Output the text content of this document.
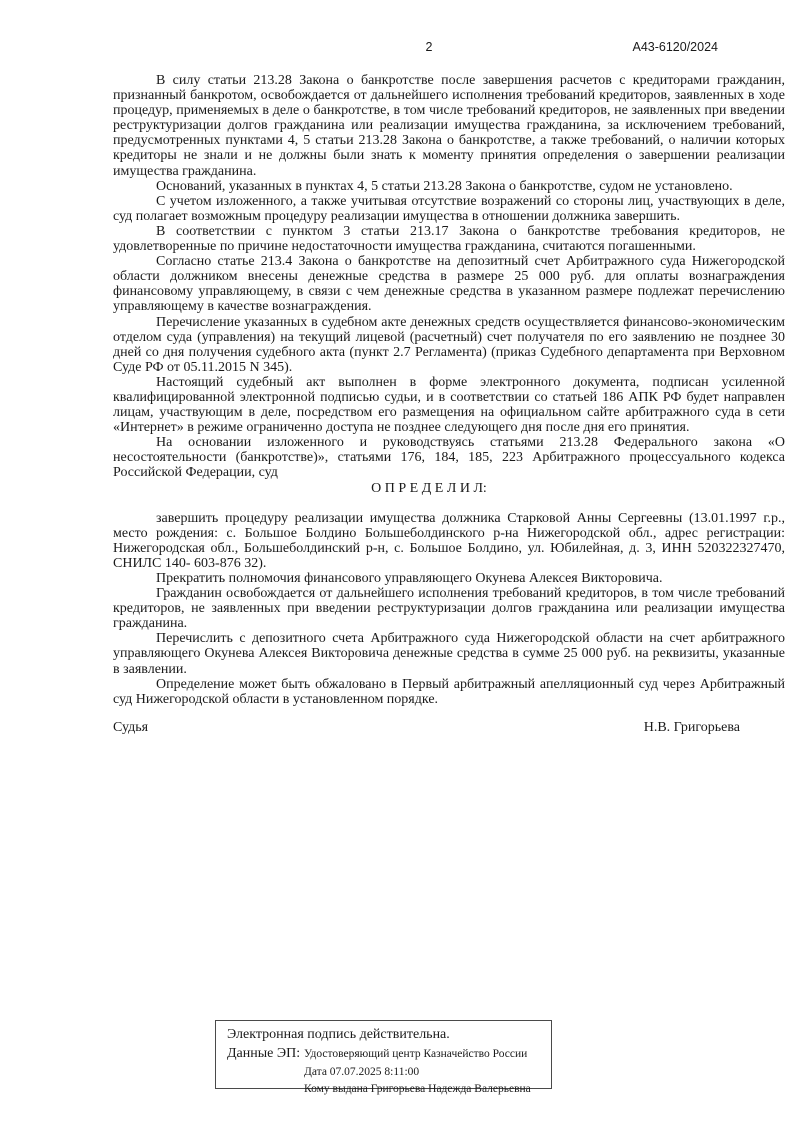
2	А43-6120/2024

В силу статьи 213.28 Закона о банкротстве после завершения расчетов с кредиторами гражданин, признанный банкротом, освобождается от дальнейшего исполнения требований кредиторов, заявленных в ходе процедур, применяемых в деле о банкротстве, в том числе требований кредиторов, не заявленных при введении реструктуризации долгов гражданина или реализации имущества гражданина, за исключением требований, предусмотренных пунктами 4, 5 статьи 213.28 Закона о банкротстве, а также требований, о наличии которых кредиторы не знали и не должны были знать к моменту принятия определения о завершении реализации имущества гражданина.

Оснований, указанных в пунктах 4, 5 статьи 213.28 Закона о банкротстве, судом не установлено.

С учетом изложенного, а также учитывая отсутствие возражений со стороны лиц, участвующих в деле, суд полагает возможным процедуру реализации имущества в отношении должника завершить.

В соответствии с пунктом 3 статьи 213.17 Закона о банкротстве требования кредиторов, не удовлетворенные по причине недостаточности имущества гражданина, считаются погашенными.

Согласно статье 213.4 Закона о банкротстве на депозитный счет Арбитражного суда Нижегородской области должником внесены денежные средства в размере 25 000 руб. для оплаты вознаграждения финансовому управляющему, в связи с чем денежные средства в указанном размере подлежат перечислению управляющему в качестве вознаграждения.

Перечисление указанных в судебном акте денежных средств осуществляется финансово-экономическим отделом суда (управления) на текущий лицевой (расчетный) счет получателя по его заявлению не позднее 30 дней со дня получения судебного акта (пункт 2.7 Регламента) (приказ Судебного департамента при Верховном Суде РФ от 05.11.2015 N 345).

Настоящий судебный акт выполнен в форме электронного документа, подписан усиленной квалифицированной электронной подписью судьи, и в соответствии со статьей 186 АПК РФ будет направлен лицам, участвующим в деле, посредством его размещения на официальном сайте арбитражного суда в сети «Интернет» в режиме ограниченно доступа не позднее следующего дня после дня его принятия.

На основании изложенного и руководствуясь статьями 213.28 Федерального закона «О несостоятельности (банкротстве)», статьями 176, 184, 185, 223 Арбитражного процессуального кодекса Российской Федерации, суд

О П Р Е Д Е Л И Л:

завершить процедуру реализации имущества должника Старковой Анны Сергеевны (13.01.1997 г.р., место рождения: с. Большое Болдино Большеболдинского р-на Нижегородской обл., адрес регистрации: Нижегородская обл., Большеболдинский р-н, с. Большое Болдино, ул. Юбилейная, д. 3, ИНН 520322327470, СНИЛС 140- 603-876 32).

Прекратить полномочия финансового управляющего Окунева Алексея Викторовича.

Гражданин освобождается от дальнейшего исполнения требований кредиторов, в том числе требований кредиторов, не заявленных при введении реструктуризации долгов гражданина или реализации имущества гражданина.

Перечислить с депозитного счета Арбитражного суда Нижегородской области на счет арбитражного управляющего Окунева Алексея Викторовича денежные средства в сумме 25 000 руб. на реквизиты, указанные в заявлении.

Определение может быть обжаловано в Первый арбитражный апелляционный суд через Арбитражный суд Нижегородской области в установленном порядке.

Судья	Н.В. Григорьева
Электронная подпись действительна.
Данные ЭП: Удостоверяющий центр Казначейство России
Дата 07.07.2025 8:11:00
Кому выдана Григорьева Надежда Валерьевна
